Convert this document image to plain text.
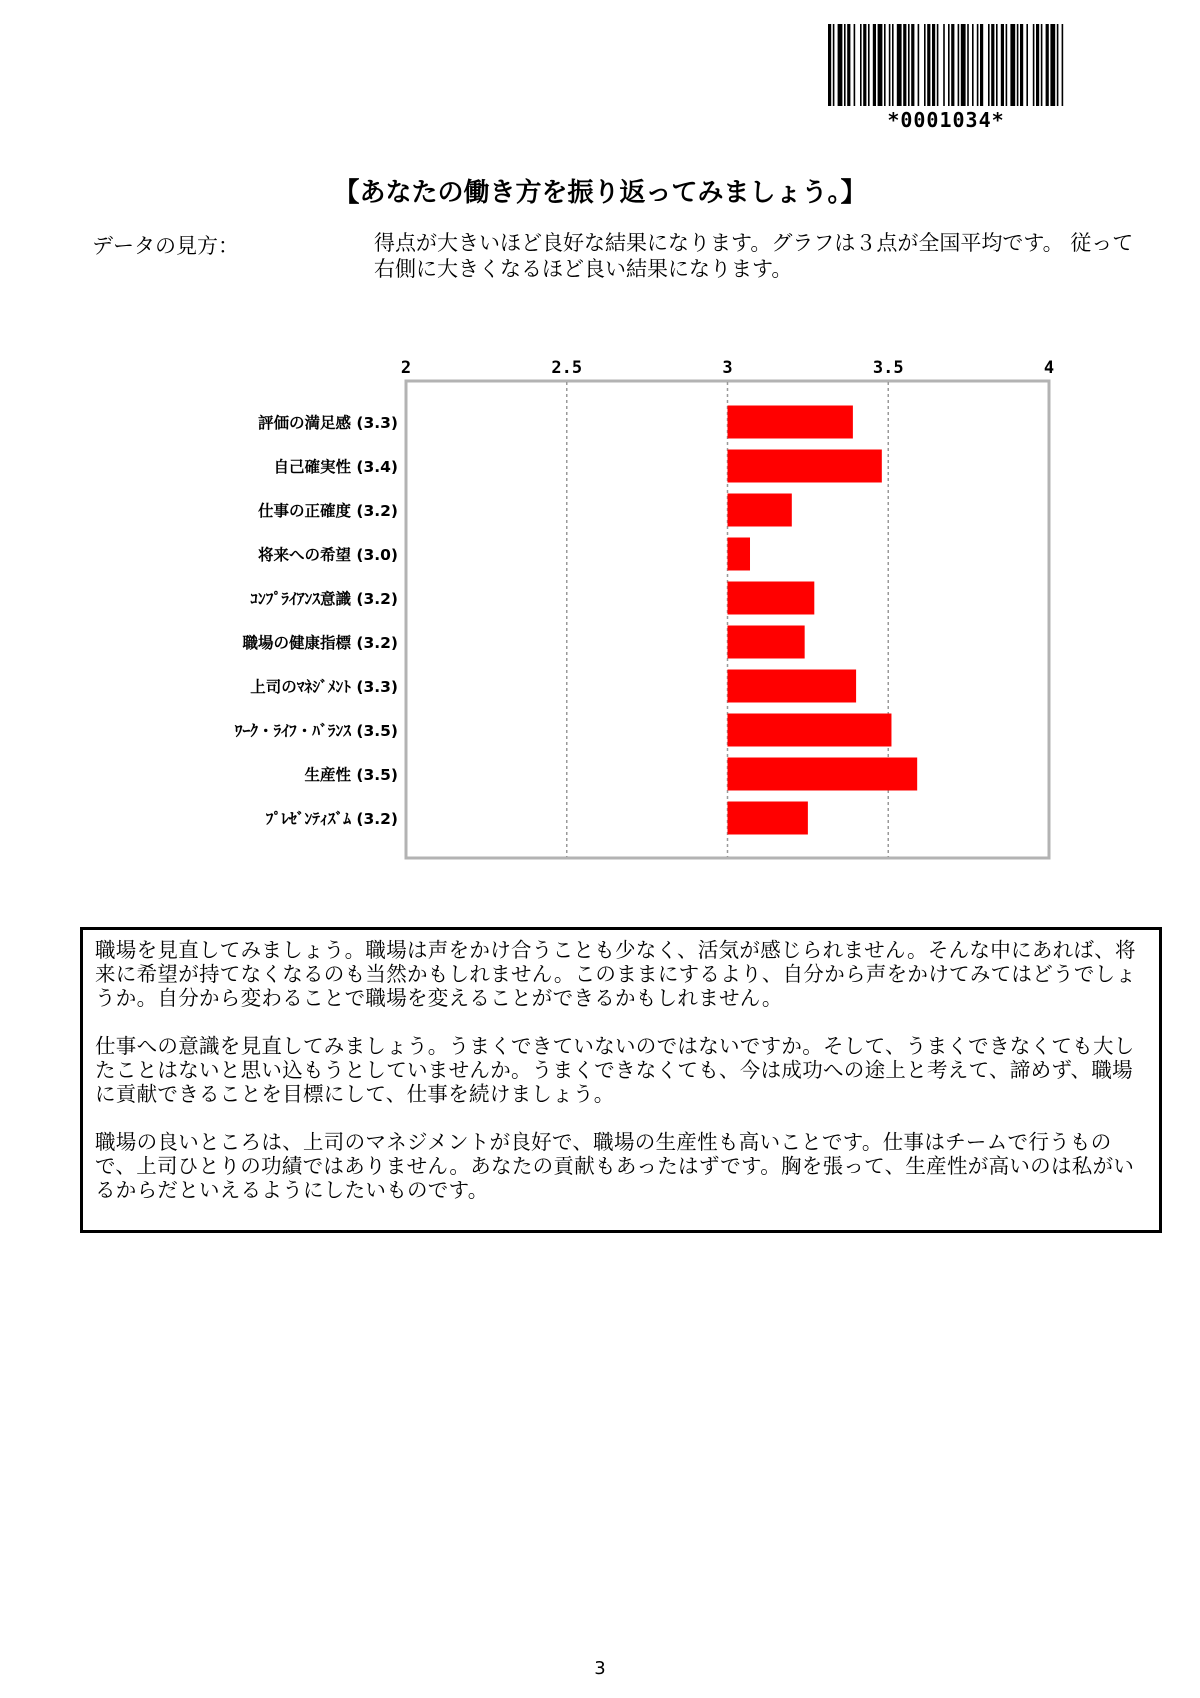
*0001034*
【あなたの働き方を振り返ってみましょう。】
データの見方：	得点が大きいほど良好な結果になります。グラフは３点が全国平均です。 従って右側に大きくなるほど良い結果になります。
2	2.5	3	3.5	4
評価の満足感 (3.3)
自己確実性 (3.4)
仕事の正確度 (3.2)
将来への希望 (3.0)
ｺﾝﾌﾟﾗｲｱﾝｽ意識 (3.2)
職場の健康指標 (3.2)
上司のﾏﾈｼﾞﾒﾝﾄ (3.3)
ﾜｰｸ・ﾗｲﾌ・ﾊﾞﾗﾝｽ (3.5)
生産性 (3.5)
ﾌﾟﾚｾﾞﾝﾃｨｽﾞﾑ (3.2)

職場を見直してみましょう。職場は声をかけ合うことも少なく、活気が感じられません。そんな中にあれば、将来に希望が持てなくなるのも当然かもしれません。このままにするより、自分から声をかけてみてはどうでしょうか。自分から変わることで職場を変えることができるかもしれません。

仕事への意識を見直してみましょう。うまくできていないのではないですか。そして、うまくできなくても大したことはないと思い込もうとしていませんか。うまくできなくても、今は成功への途上と考えて、諦めず、職場に貢献できることを目標にして、仕事を続けましょう。

職場の良いところは、上司のマネジメントが良好で、職場の生産性も高いことです。仕事はチームで行うもので、上司ひとりの功績ではありません。あなたの貢献もあったはずです。胸を張って、生産性が高いのは私がいるからだといえるようにしたいものです。

3
